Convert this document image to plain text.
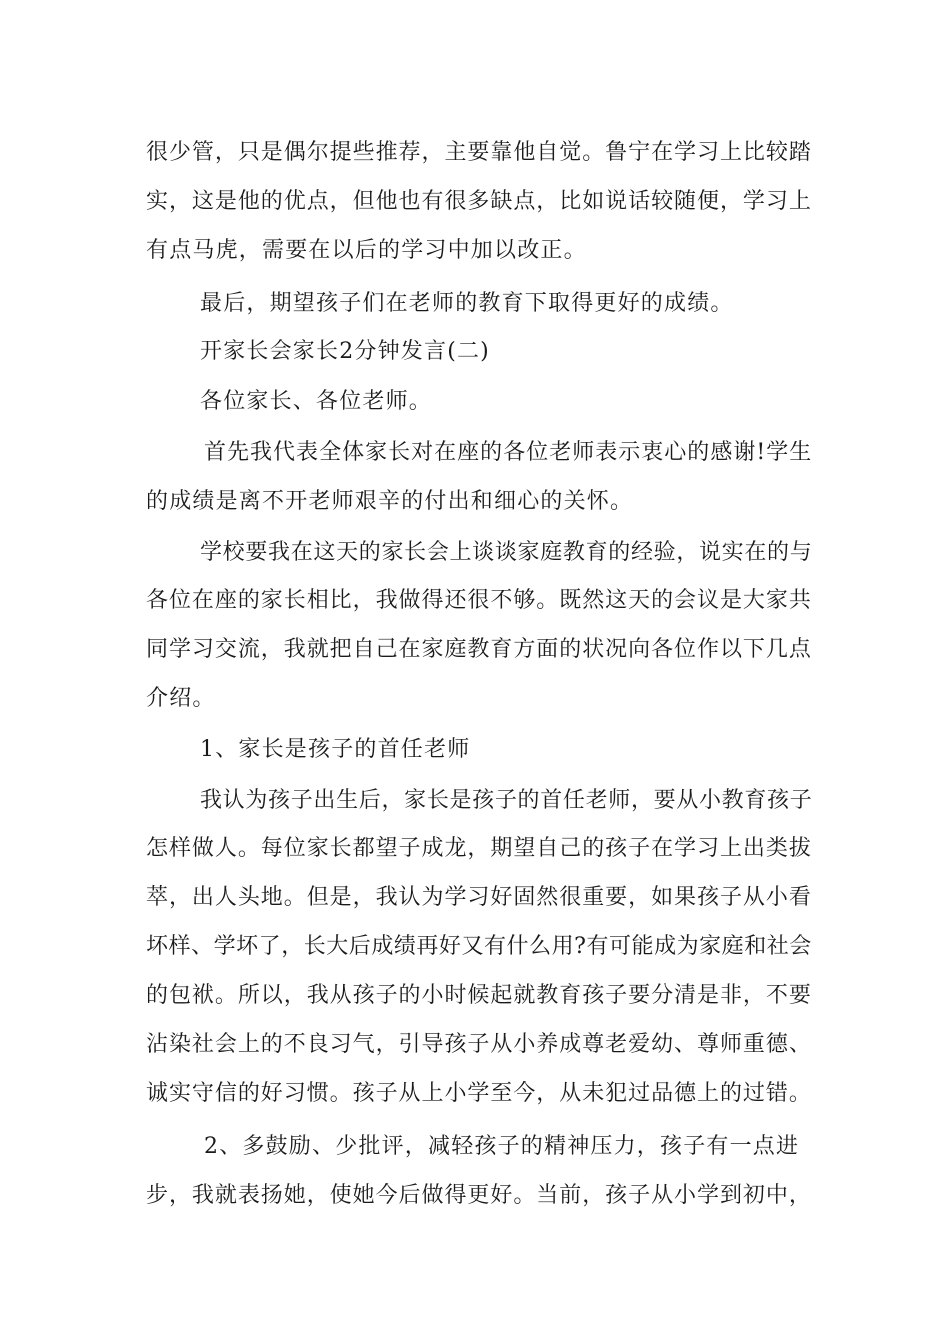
很少管，只是偶尔提些推荐，主要靠他自觉。鲁宁在学习上比较踏
实，这是他的优点，但他也有很多缺点，比如说话较随便，学习上
有点马虎，需要在以后的学习中加以改正。
最后，期望孩子们在老师的教育下取得更好的成绩。
开家长会家长2分钟发言(二)
各位家长、各位老师。
首先我代表全体家长对在座的各位老师表示衷心的感谢!学生
的成绩是离不开老师艰辛的付出和细心的关怀。
学校要我在这天的家长会上谈谈家庭教育的经验，说实在的与
各位在座的家长相比，我做得还很不够。既然这天的会议是大家共
同学习交流，我就把自己在家庭教育方面的状况向各位作以下几点
介绍。
1、家长是孩子的首任老师
我认为孩子出生后，家长是孩子的首任老师，要从小教育孩子
怎样做人。每位家长都望子成龙，期望自己的孩子在学习上出类拔
萃，出人头地。但是，我认为学习好固然很重要，如果孩子从小看
坏样、学坏了，长大后成绩再好又有什么用?有可能成为家庭和社会
的包袱。所以，我从孩子的小时候起就教育孩子要分清是非，不要
沾染社会上的不良习气，引导孩子从小养成尊老爱幼、尊师重德、
诚实守信的好习惯。孩子从上小学至今，从未犯过品德上的过错。
2、多鼓励、少批评，减轻孩子的精神压力，孩子有一点进
步，我就表扬她，使她今后做得更好。当前，孩子从小学到初中，
